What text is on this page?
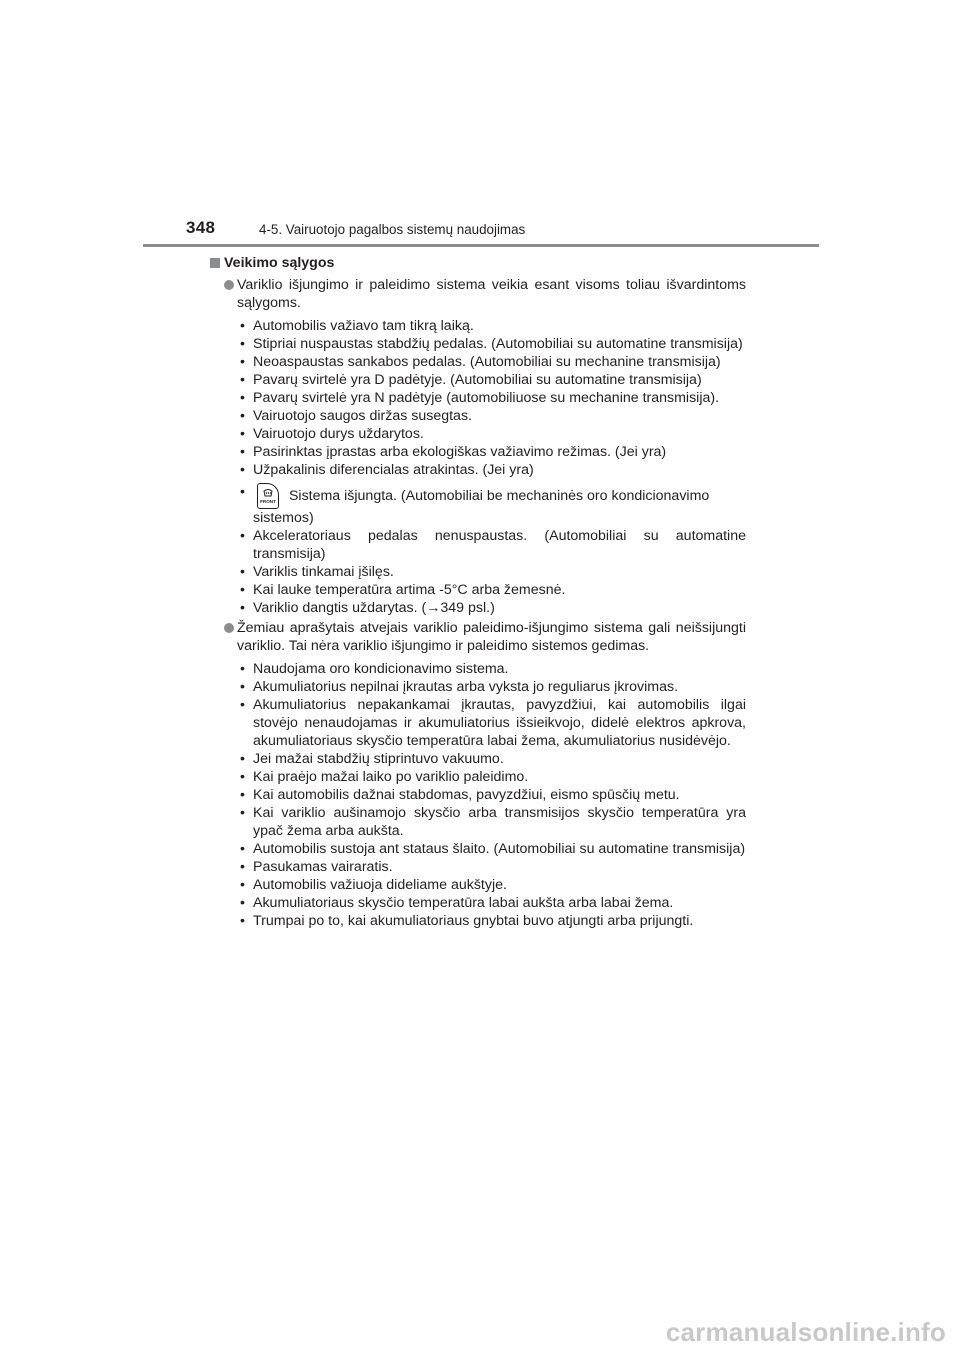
348	4-5. Vairuotojo pagalbos sistemų naudojimas
Veikimo sąlygos
Variklio išjungimo ir paleidimo sistema veikia esant visoms toliau išvardintoms sąlygoms.
• Automobilis važiavo tam tikrą laiką.
• Stipriai nuspaustas stabdžių pedalas. (Automobiliai su automatine transmisija)
• Neoaspaustas sankabos pedalas. (Automobiliai su mechanine transmisija)
• Pavarų svirtelė yra D padėtyje. (Automobiliai su automatine transmisija)
• Pavarų svirtelė yra N padėtyje (automobiliuose su mechanine transmisija).
• Vairuotojo saugos diržas susegtas.
• Vairuotojo durys uždarytos.
• Pasirinktas įprastas arba ekologiškas važiavimo režimas. (Jei yra)
• Užpakalinis diferencialas atrakintas. (Jei yra)
• FRONT Sistema išjungta. (Automobiliai be mechaninės oro kondicionavimo
sistemos)
• Akceleratoriaus pedalas nenuspaustas. (Automobiliai su automatine transmisija)
• Variklis tinkamai įšilęs.
• Kai lauke temperatūra artima -5°C arba žemesnė.
• Variklio dangtis uždarytas. (→349 psl.)
Žemiau aprašytais atvejais variklio paleidimo-išjungimo sistema gali neišsijungti variklio. Tai nėra variklio išjungimo ir paleidimo sistemos gedimas.
• Naudojama oro kondicionavimo sistema.
• Akumuliatorius nepilnai įkrautas arba vyksta jo reguliarus įkrovimas.
• Akumuliatorius nepakankamai įkrautas, pavyzdžiui, kai automobilis ilgai stovėjo nenaudojamas ir akumuliatorius išsieikvojo, didelė elektros apkrova, akumuliatoriaus skysčio temperatūra labai žema, akumuliatorius nusidėvėjo.
• Jei mažai stabdžių stiprintuvo vakuumo.
• Kai praėjo mažai laiko po variklio paleidimo.
• Kai automobilis dažnai stabdomas, pavyzdžiui, eismo spūsčių metu.
• Kai variklio aušinamojo skysčio arba transmisijos skysčio temperatūra yra ypač žema arba aukšta.
• Automobilis sustoja ant stataus šlaito. (Automobiliai su automatine transmisija)
• Pasukamas vairaratis.
• Automobilis važiuoja dideliame aukštyje.
• Akumuliatoriaus skysčio temperatūra labai aukšta arba labai žema.
• Trumpai po to, kai akumuliatoriaus gnybtai buvo atjungti arba prijungti.
carmanualsonline.info
